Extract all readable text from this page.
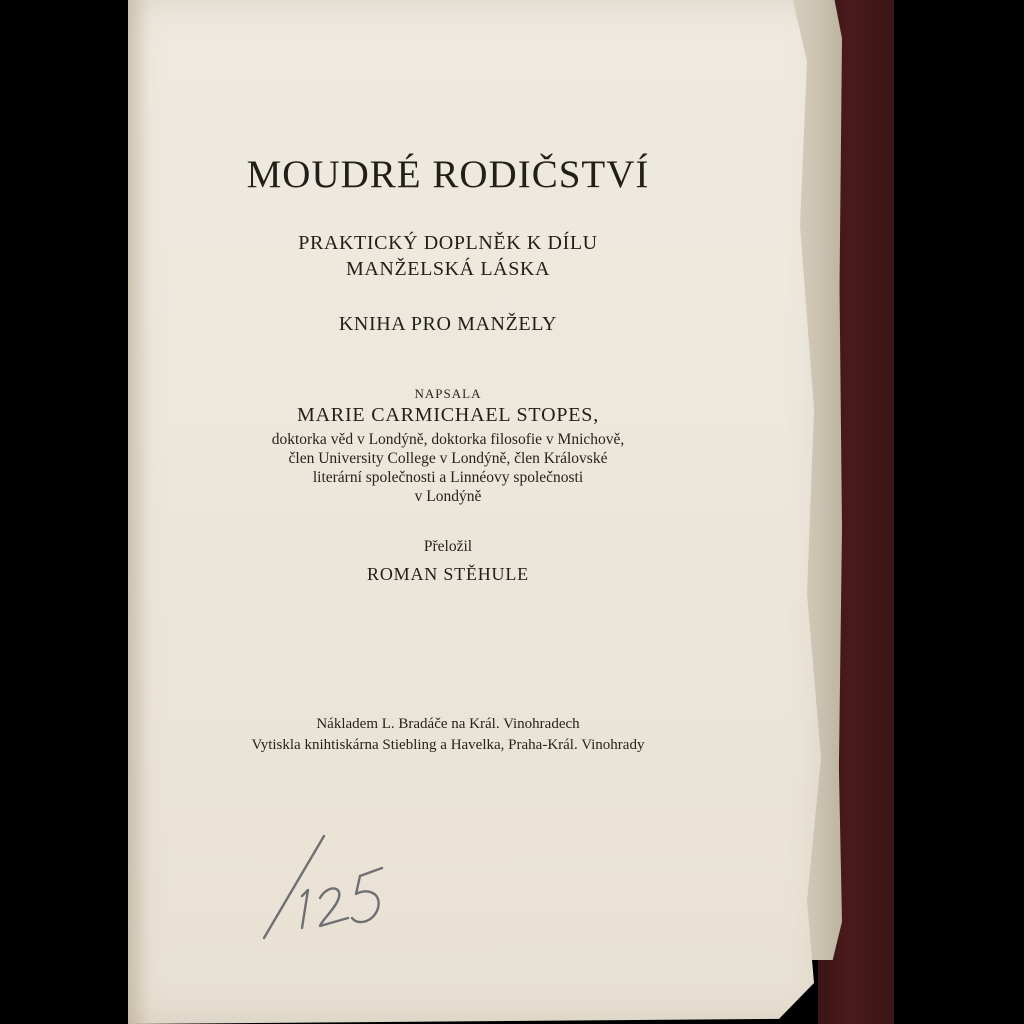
MOUDRÉ RODIČSTVÍ
PRAKTICKÝ DOPLNĚK K DÍLU
MANŽELSKÁ LÁSKA
KNIHA PRO MANŽELY
NAPSALA
MARIE CARMICHAEL STOPES,
doktorka věd v Londýně, doktorka filosofie v Mnichově,
člen University College v Londýně, člen Královské
literární společnosti a Linnéovy společnosti
v Londýně
Přeložil
ROMAN STĚHULE
Nákladem L. Bradáče na Král. Vinohradech
Vytiskla knihtiskárna Stiebling a Havelka, Praha-Král. Vinohrady
